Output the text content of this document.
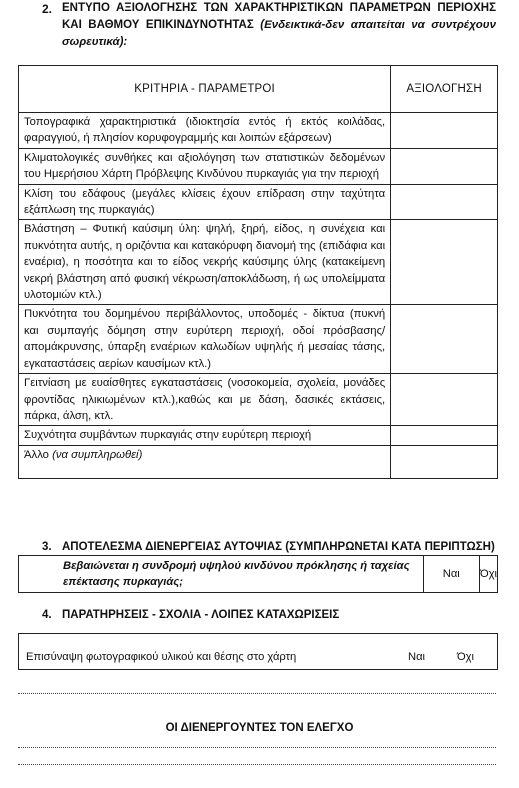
2. ΕΝΤΥΠΟ ΑΞΙΟΛΟΓΗΣΗΣ ΤΩΝ ΧΑΡΑΚΤΗΡΙΣΤΙΚΩΝ ΠΑΡΑΜΕΤΡΩΝ ΠΕΡΙΟΧΗΣ ΚΑΙ ΒΑΘΜΟΥ ΕΠΙΚΙΝΔΥΝΟΤΗΤΑΣ (Ενδεικτικά-δεν απαιτείται να συντρέχουν σωρευτικά):
ΚΡΙΤΗΡΙΑ - ΠΑΡΑΜΕΤΡΟΙ	ΑΞΙΟΛΟΓΗΣΗ
Τοπογραφικά χαρακτηριστικά (ιδιοκτησία εντός ή εκτός κοιλάδας, φαραγγιού, ή πλησίον κορυφογραμμής και λοιπών εξάρσεων)	
Κλιματολογικές συνθήκες και αξιολόγηση των στατιστικών δεδομένων του Ημερήσιου Χάρτη Πρόβλεψης Κινδύνου πυρκαγιάς για την περιοχή	
Κλίση του εδάφους (μεγάλες κλίσεις έχουν επίδραση στην ταχύτητα εξάπλωση της πυρκαγιάς)	
Βλάστηση – Φυτική καύσιμη ύλη: ψηλή, ξηρή, είδος, η συνέχεια και πυκνότητα αυτής, η οριζόντια και κατακόρυφη διανομή της (επιδάφια και εναέρια), η ποσότητα και το είδος νεκρής καύσιμης ύλης (κατακείμενη νεκρή βλάστηση από φυσική νέκρωση/αποκλάδωση, ή ως υπολείμματα υλοτομιών κτλ.)	
Πυκνότητα του δομημένου περιβάλλοντος, υποδομές - δίκτυα (πυκνή και συμπαγής δόμηση στην ευρύτερη περιοχή, οδοί πρόσβασης/απομάκρυνσης, ύπαρξη εναέριων καλωδίων υψηλής ή μεσαίας τάσης, εγκαταστάσεις αερίων καυσίμων κτλ.)	
Γειτνίαση με ευαίσθητες εγκαταστάσεις (νοσοκομεία, σχολεία, μονάδες φροντίδας ηλικιωμένων κτλ.),καθώς και με δάση, δασικές εκτάσεις, πάρκα, άλση, κτλ.	
Συχνότητα συμβάντων πυρκαγιάς στην ευρύτερη περιοχή	
Άλλο (να συμπληρωθεί)	
3. ΑΠΟΤΕΛΕΣΜΑ ΔΙΕΝΕΡΓΕΙΑΣ ΑΥΤΟΨΙΑΣ (ΣΥΜΠΛΗΡΩΝΕΤΑΙ ΚΑΤΑ ΠΕΡΙΠΤΩΣΗ)
Βεβαιώνεται η συνδρομή υψηλού κινδύνου πρόκλησης ή ταχείας επέκτασης πυρκαγιάς;	Ναι	Όχι
4. ΠΑΡΑΤΗΡΗΣΕΙΣ - ΣΧΟΛΙΑ - ΛΟΙΠΕΣ ΚΑΤΑΧΩΡΙΣΕΙΣ
Επισύναψη φωτογραφικού υλικού και θέσης στο χάρτη	Ναι	Όχι
ΟΙ ΔΙΕΝΕΡΓΟΥΝΤΕΣ ΤΟΝ ΕΛΕΓΧΟ
